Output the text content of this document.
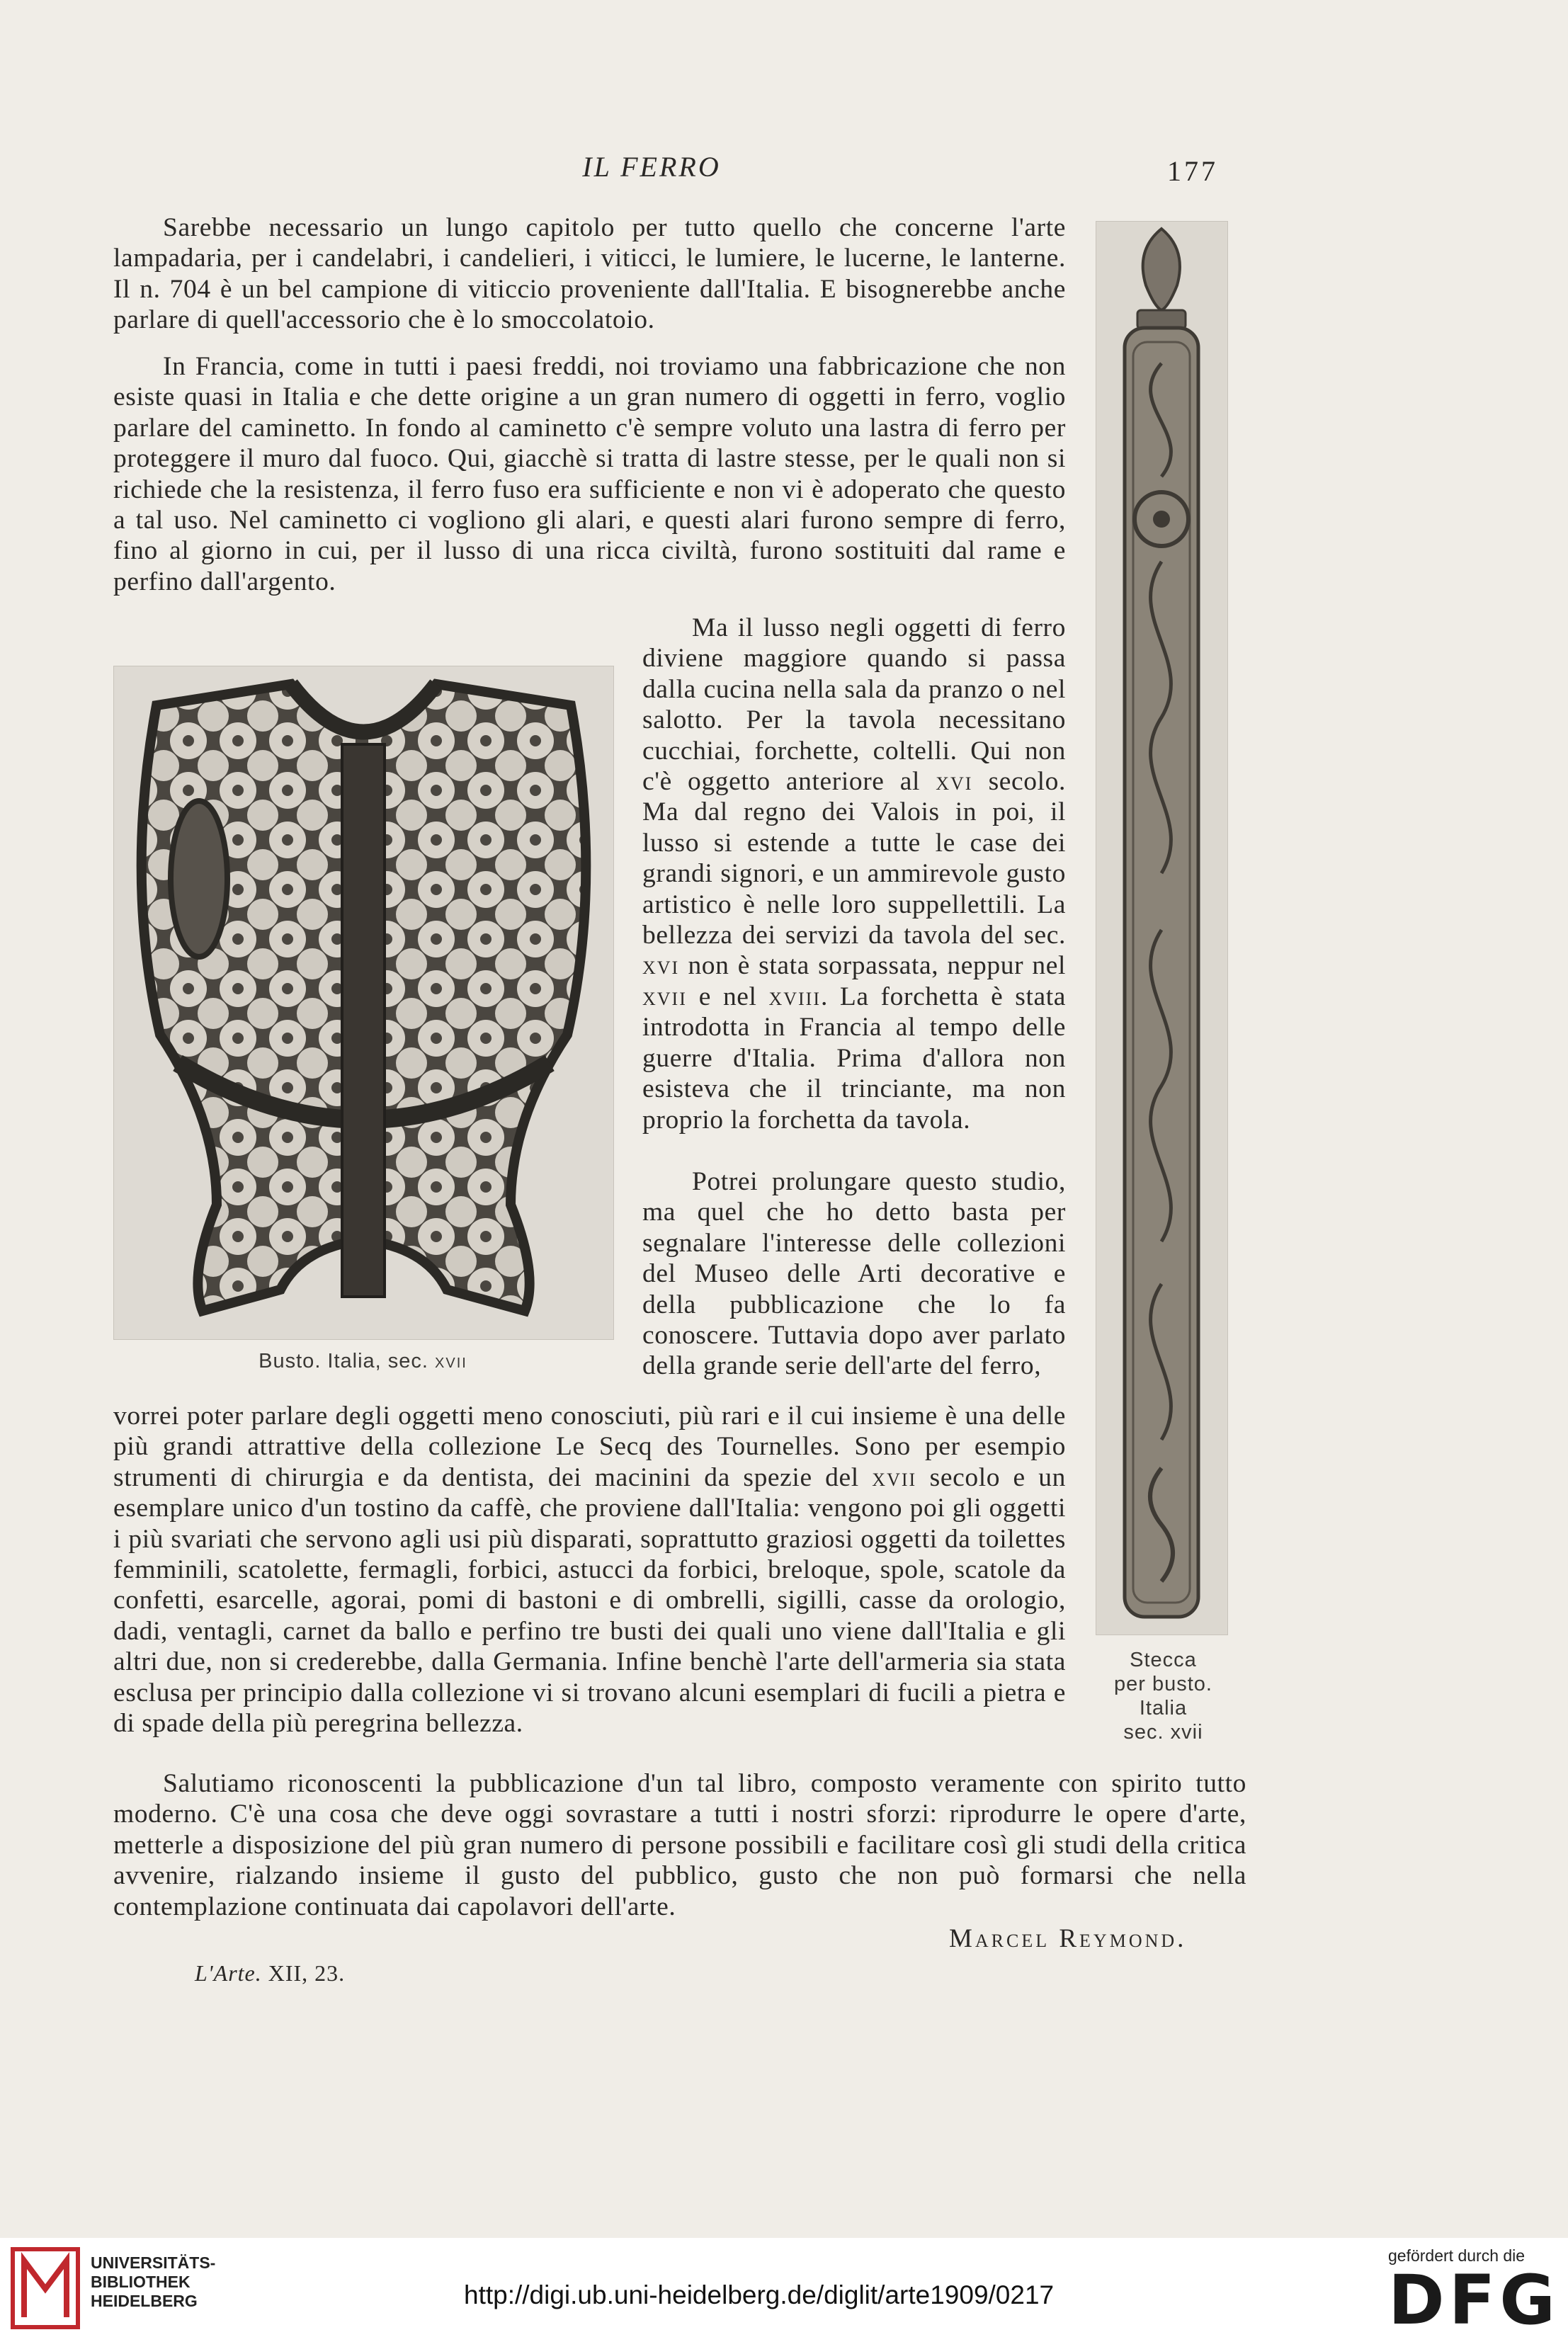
IL FERRO	177

Sarebbe necessario un lungo capitolo per tutto quello che concerne l'arte lampadaria, per i candelabri, i candelieri, i viticci, le lumiere, le lucerne, le lanterne. Il n. 704 è un bel campione di viticcio proveniente dall'Italia. E bisognerebbe anche parlare di quell'accessorio che è lo smoccolatoio.

In Francia, come in tutti i paesi freddi, noi troviamo una fabbricazione che non esiste quasi in Italia e che dette origine a un gran numero di oggetti in ferro, voglio parlare del caminetto. In fondo al caminetto c'è sempre voluto una lastra di ferro per proteggere il muro dal fuoco. Qui, giacchè si tratta di lastre stesse, per le quali non si richiede che la resistenza, il ferro fuso era sufficiente e non vi è adoperato che questo a tal uso. Nel caminetto ci vogliono gli alari, e questi alari furono sempre di ferro, fino al giorno in cui, per il lusso di una ricca civiltà, furono sostituiti dal rame e perfino dall'argento.

Ma il lusso negli oggetti di ferro diviene maggiore quando si passa dalla cucina nella sala da pranzo o nel salotto. Per la tavola necessitano cucchiai, forchette, coltelli. Qui non c'è oggetto anteriore al xvi secolo. Ma dal regno dei Valois in poi, il lusso si estende a tutte le case dei grandi signori, e un ammirevole gusto artistico è nelle loro suppellettili. La bellezza dei servizi da tavola del sec. xvi non è stata sorpassata, neppur nel xvii e nel xviii. La forchetta è stata introdotta in Francia al tempo delle guerre d'Italia. Prima d'allora non esisteva che il trinciante, ma non proprio la forchetta da tavola.

Potrei prolungare questo studio, ma quel che ho detto basta per segnalare l'interesse delle collezioni del Museo delle Arti decorative e della pubblicazione che lo fa conoscere. Tuttavia dopo aver parlato della grande serie dell'arte del ferro,

vorrei poter parlare degli oggetti meno conosciuti, più rari e il cui insieme è una delle più grandi attrattive della collezione Le Secq des Tournelles. Sono per esempio strumenti di chirurgia e da dentista, dei macinini da spezie del xvii secolo e un esemplare unico d'un tostino da caffè, che proviene dall'Italia: vengono poi gli oggetti i più svariati che servono agli usi più disparati, soprattutto graziosi oggetti da toilettes femminili, scatolette, fermagli, forbici, astucci da forbici, breloque, spole, scatole da confetti, esarcelle, agorai, pomi di bastoni e di ombrelli, sigilli, casse da orologio, dadi, ventagli, carnet da ballo e perfino tre busti dei quali uno viene dall'Italia e gli altri due, non si crederebbe, dalla Germania. Infine benchè l'arte dell'armeria sia stata esclusa per principio dalla collezione vi si trovano alcuni esemplari di fucili a pietra e di spade della più peregrina bellezza.

Salutiamo riconoscenti la pubblicazione d'un tal libro, composto veramente con spirito tutto moderno. C'è una cosa che deve oggi sovrastare a tutti i nostri sforzi: riprodurre le opere d'arte, metterle a disposizione del più gran numero di persone possibili e facilitare così gli studi della critica avvenire, rialzando insieme il gusto del pubblico, gusto che non può formarsi che nella contemplazione continuata dai capolavori dell'arte.

Busto. Italia, sec. xvii
Stecca
per busto.
Italia
sec. xvii
Marcel Reymond.
L'Arte. XII, 23.
UNIVERSITÄTS-
BIBLIOTHEK
HEIDELBERG	http://digi.ub.uni-heidelberg.de/diglit/arte1909/0217
gefördert durch die
DFG
